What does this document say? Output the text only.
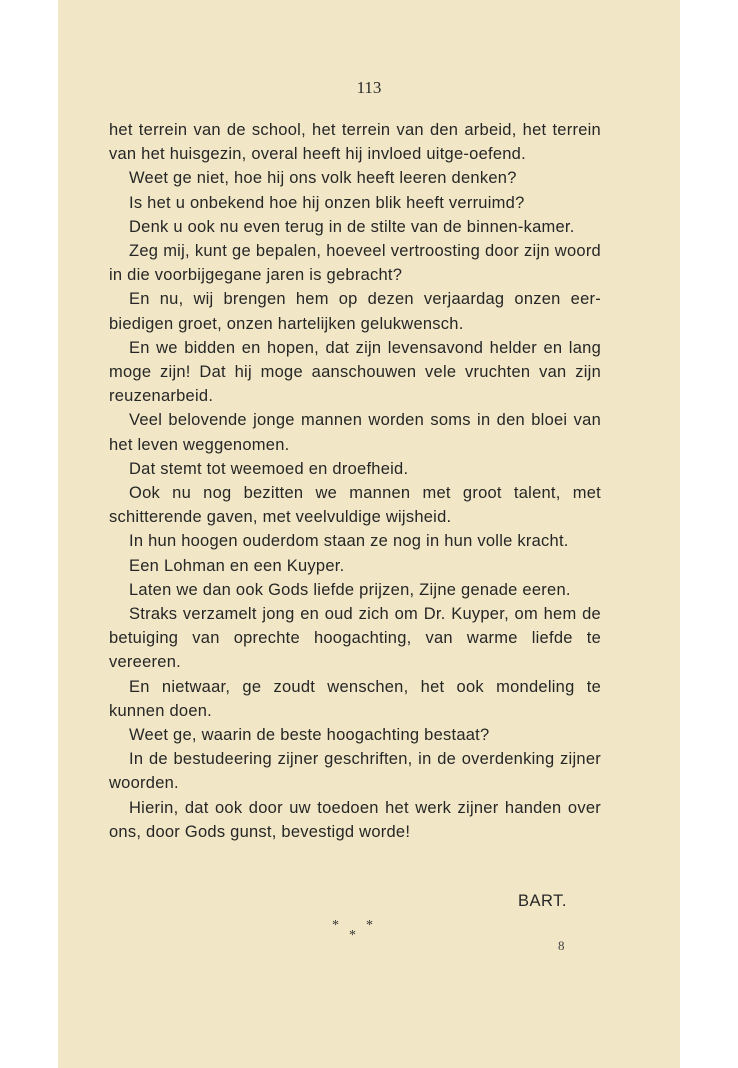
113

het terrein van de school, het terrein van den arbeid, het terrein van het huisgezin, overal heeft hij invloed uitge-oefend.

Weet ge niet, hoe hij ons volk heeft leeren denken?

Is het u onbekend hoe hij onzen blik heeft verruimd?

Denk u ook nu even terug in de stilte van de binnen-kamer.

Zeg mij, kunt ge bepalen, hoeveel vertroosting door zijn woord in die voorbijgegane jaren is gebracht?

En nu, wij brengen hem op dezen verjaardag onzen eer-biedigen groet, onzen hartelijken gelukwensch.

En we bidden en hopen, dat zijn levensavond helder en lang moge zijn! Dat hij moge aanschouwen vele vruchten van zijn reuzenarbeid.

Veel belovende jonge mannen worden soms in den bloei van het leven weggenomen.

Dat stemt tot weemoed en droefheid.

Ook nu nog bezitten we mannen met groot talent, met schitterende gaven, met veelvuldige wijsheid.

In hun hoogen ouderdom staan ze nog in hun volle kracht.

Een Lohman en een Kuyper.

Laten we dan ook Gods liefde prijzen, Zijne genade eeren.

Straks verzamelt jong en oud zich om Dr. Kuyper, om hem de betuiging van oprechte hoogachting, van warme liefde te vereeren.

En nietwaar, ge zoudt wenschen, het ook mondeling te kunnen doen.

Weet ge, waarin de beste hoogachting bestaat?

In de bestudeering zijner geschriften, in de overdenking zijner woorden.

Hierin, dat ook door uw toedoen het werk zijner handen over ons, door Gods gunst, bevestigd worde!

BART.
* *
*
8
